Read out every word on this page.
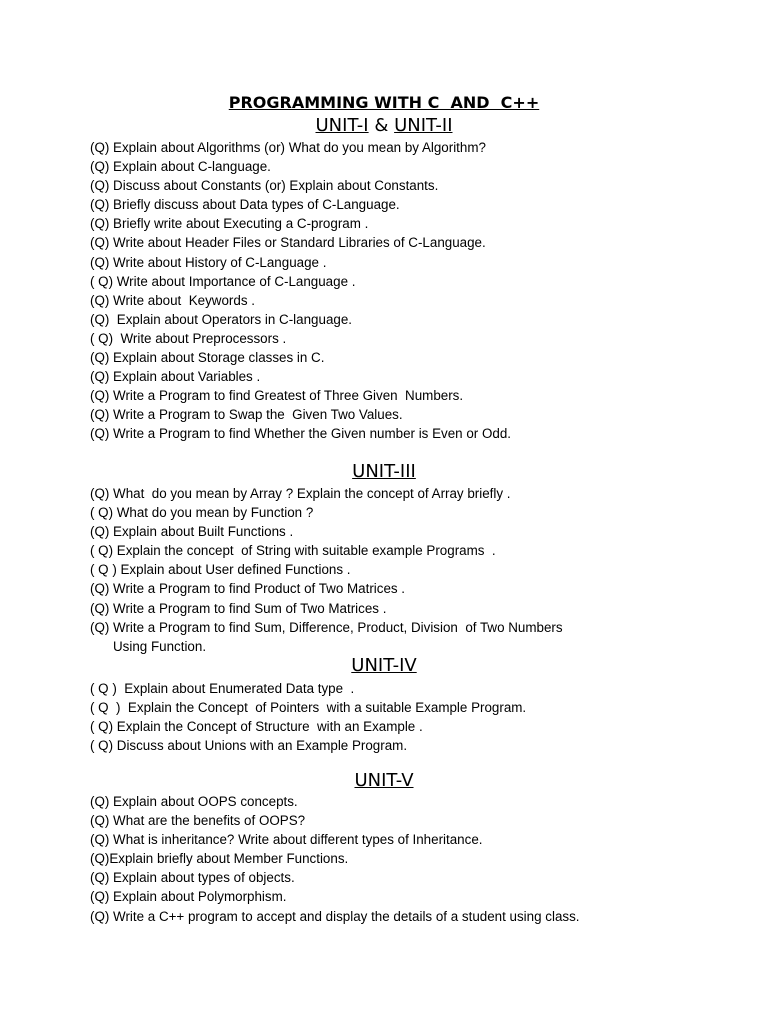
PROGRAMMING WITH C  AND  C++
UNIT-I & UNIT-II
(Q) Explain about Algorithms (or) What do you mean by Algorithm?
(Q) Explain about C-language.
(Q) Discuss about Constants (or) Explain about Constants.
(Q) Briefly discuss about Data types of C-Language.
(Q) Briefly write about Executing a C-program .
(Q) Write about Header Files or Standard Libraries of C-Language.
(Q) Write about History of C-Language .
( Q) Write about Importance of C-Language .
(Q) Write about  Keywords .
(Q)  Explain about Operators in C-language.
( Q)  Write about Preprocessors .
(Q) Explain about Storage classes in C.
(Q) Explain about Variables .
(Q) Write a Program to find Greatest of Three Given  Numbers.
(Q) Write a Program to Swap the  Given Two Values.
(Q) Write a Program to find Whether the Given number is Even or Odd.
UNIT-III
(Q) What  do you mean by Array ? Explain the concept of Array briefly .
( Q) What do you mean by Function ?
(Q) Explain about Built Functions .
( Q) Explain the concept  of String with suitable example Programs  .
( Q ) Explain about User defined Functions .
(Q) Write a Program to find Product of Two Matrices .
(Q) Write a Program to find Sum of Two Matrices .
(Q) Write a Program to find Sum, Difference, Product, Division  of Two Numbers
Using Function.
UNIT-IV
( Q )  Explain about Enumerated Data type  .
( Q  )  Explain the Concept  of Pointers  with a suitable Example Program.
( Q) Explain the Concept of Structure  with an Example .
( Q) Discuss about Unions with an Example Program.
UNIT-V
(Q) Explain about OOPS concepts.
(Q) What are the benefits of OOPS?
(Q) What is inheritance? Write about different types of Inheritance.
(Q)Explain briefly about Member Functions.
(Q) Explain about types of objects.
(Q) Explain about Polymorphism.
(Q) Write a C++ program to accept and display the details of a student using class.
